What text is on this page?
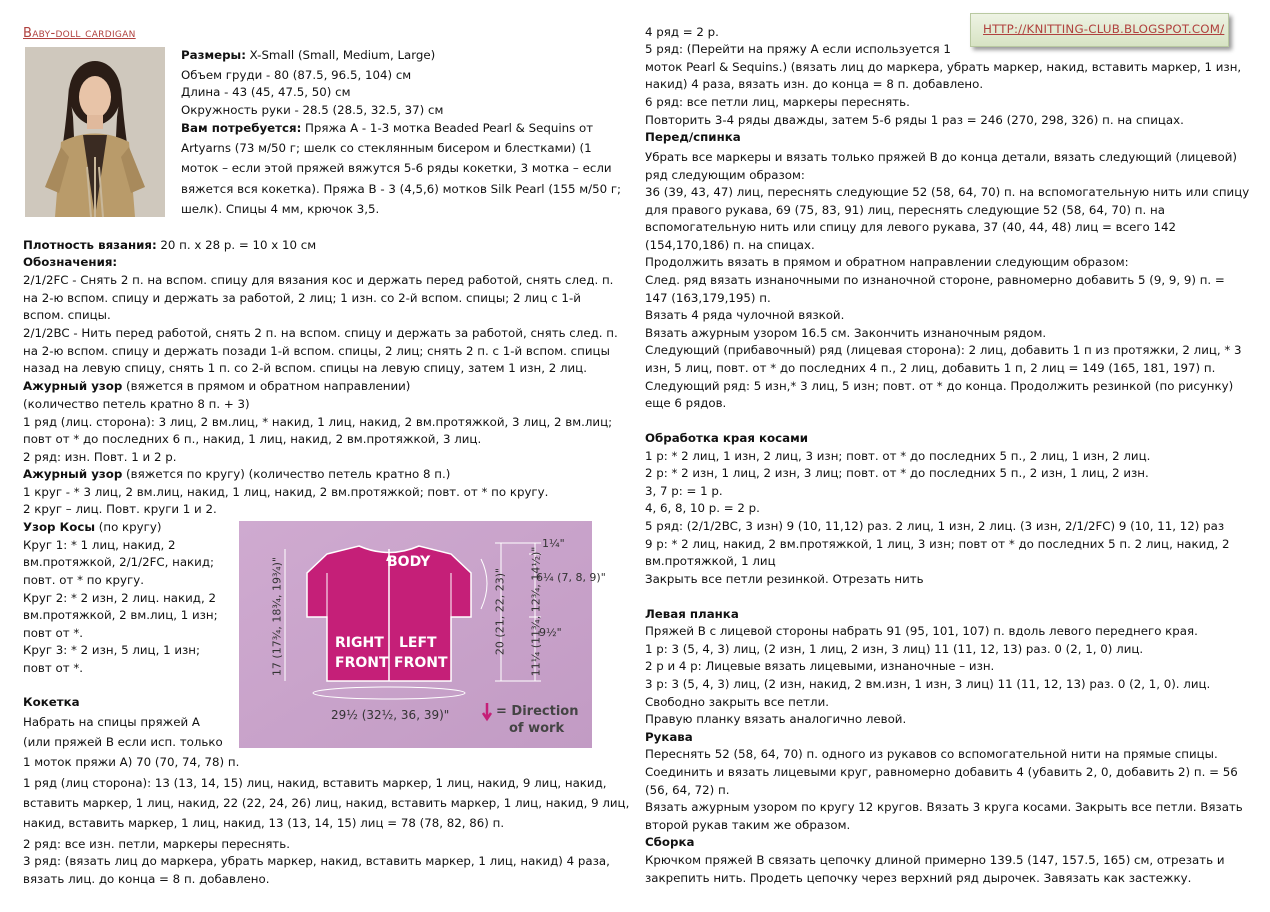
Baby-doll cardigan	HTTP://KNITTING-CLUB.BLOGSPOT.COM/
Размеры: X-Small (Small, Medium, Large)
Объем груди - 80 (87.5, 96.5, 104) см
Длина - 43 (45, 47.5, 50) см
Окружность руки - 28.5 (28.5, 32.5, 37) см
Вам потребуется: Пряжа А - 1-3 мотка Beaded Pearl & Sequins от
Artyarns (73 м/50 г; шелк со стеклянным бисером и блестками) (1
моток – если этой пряжей вяжутся 5-6 ряды кокетки, 3 мотка – если
вяжется вся кокетка). Пряжа В - 3 (4,5,6) мотков Silk Pearl (155 м/50 г;
шелк). Спицы 4 мм, крючок 3,5.
Плотность вязания: 20 п. х 28 р. = 10 х 10 см
Обозначения:
2/1/2FC - Снять 2 п. на вспом. спицу для вязания кос и держать перед работой, снять след. п.
на 2-ю вспом. спицу и держать за работой, 2 лиц; 1 изн. со 2-й вспом. спицы; 2 лиц с 1-й
вспом. спицы.
2/1/2BC - Нить перед работой, снять 2 п. на вспом. спицу и держать за работой, снять след. п.
на 2-ю вспом. спицу и держать позади 1-й вспом. спицы, 2 лиц; снять 2 п. с 1-й вспом. спицы
назад на левую спицу, снять 1 п. со 2-й вспом. спицы на левую спицу, затем 1 изн, 2 лиц.
Ажурный узор (вяжется в прямом и обратном направлении)
(количество петель кратно 8 п. + 3)
1 ряд (лиц. сторона): 3 лиц, 2 вм.лиц, * накид, 1 лиц, накид, 2 вм.протяжкой, 3 лиц, 2 вм.лиц;
повт от * до последних 6 п., накид, 1 лиц, накид, 2 вм.протяжкой, 3 лиц.
2 ряд: изн. Повт. 1 и 2 р.
Ажурный узор (вяжется по кругу) (количество петель кратно 8 п.)
1 круг - * 3 лиц, 2 вм.лиц, накид, 1 лиц, накид, 2 вм.протяжкой; повт. от * по кругу.
2 круг – лиц. Повт. круги 1 и 2.
Узор Косы (по кругу)
Круг 1: * 1 лиц, накид, 2
вм.протяжкой, 2/1/2FC, накид;
повт. от * по кругу.
Круг 2: * 2 изн, 2 лиц. накид, 2
вм.протяжкой, 2 вм.лиц, 1 изн;
повт от *.
Круг 3: * 2 изн, 5 лиц, 1 изн;
повт от *.
BODY
RIGHT
FRONT
LEFT
FRONT
17 (17¾, 18¾, 19¾)"
29½ (32½, 36, 39)"
1¼"
6¼ (7, 8, 9)"
9½"
20 (21, 22, 23)" 11¼ (11¾, 12¾, 14½)"
= Direction
of work
Кокетка
Набрать на спицы пряжей А
(или пряжей В если исп. только
1 моток пряжи А) 70 (70, 74, 78) п.
1 ряд (лиц сторона): 13 (13, 14, 15) лиц, накид, вставить маркер, 1 лиц, накид, 9 лиц, накид,
вставить маркер, 1 лиц, накид, 22 (22, 24, 26) лиц, накид, вставить маркер, 1 лиц, накид, 9 лиц,
накид, вставить маркер, 1 лиц, накид, 13 (13, 14, 15) лиц = 78 (78, 82, 86) п.
2 ряд: все изн. петли, маркеры переснять.
3 ряд: (вязать лиц до маркера, убрать маркер, накид, вставить маркер, 1 лиц, накид) 4 раза,
вязать лиц. до конца = 8 п. добавлено.
4 ряд = 2 р.
5 ряд: (Перейти на пряжу А если используется 1
моток Pearl & Sequins.) (вязать лиц до маркера, убрать маркер, накид, вставить маркер, 1 изн,
накид) 4 раза, вязать изн. до конца = 8 п. добавлено.
6 ряд: все петли лиц, маркеры переснять.
Повторить 3-4 ряды дважды, затем 5-6 ряды 1 раз = 246 (270, 298, 326) п. на спицах.
Перед/спинка
Убрать все маркеры и вязать только пряжей В до конца детали, вязать следующий (лицевой)
ряд следующим образом:
36 (39, 43, 47) лиц, переснять следующие 52 (58, 64, 70) п. на вспомогательную нить или спицу
для правого рукава, 69 (75, 83, 91) лиц, переснять следующие 52 (58, 64, 70) п. на
вспомогательную нить или спицу для левого рукава, 37 (40, 44, 48) лиц = всего 142
(154,170,186) п. на спицах.
Продолжить вязать в прямом и обратном направлении следующим образом:
След. ряд вязать изнаночными по изнаночной стороне, равномерно добавить 5 (9, 9, 9) п. =
147 (163,179,195) п.
Вязать 4 ряда чулочной вязкой.
Вязать ажурным узором 16.5 см. Закончить изнаночным рядом.
Следующий (прибавочный) ряд (лицевая сторона): 2 лиц, добавить 1 п из протяжки, 2 лиц, * 3
изн, 5 лиц, повт. от * до последних 4 п., 2 лиц, добавить 1 п, 2 лиц = 149 (165, 181, 197) п.
Следующий ряд: 5 изн,* 3 лиц, 5 изн; повт. от * до конца. Продолжить резинкой (по рисунку)
еще 6 рядов.
Обработка края косами
1 р: * 2 лиц, 1 изн, 2 лиц, 3 изн; повт. от * до последних 5 п., 2 лиц, 1 изн, 2 лиц.
2 р: * 2 изн, 1 лиц, 2 изн, 3 лиц; повт. от * до последних 5 п., 2 изн, 1 лиц, 2 изн.
3, 7 р: = 1 р.
4, 6, 8, 10 р. = 2 р.
5 ряд: (2/1/2BC, 3 изн) 9 (10, 11,12) раз. 2 лиц, 1 изн, 2 лиц. (3 изн, 2/1/2FC) 9 (10, 11, 12) раз
9 р: * 2 лиц, накид, 2 вм.протяжкой, 1 лиц, 3 изн; повт от * до последних 5 п. 2 лиц, накид, 2
вм.протяжкой, 1 лиц
Закрыть все петли резинкой. Отрезать нить
Левая планка
Пряжей В с лицевой стороны набрать 91 (95, 101, 107) п. вдоль левого переднего края.
1 р: 3 (5, 4, 3) лиц, (2 изн, 1 лиц, 2 изн, 3 лиц) 11 (11, 12, 13) раз. 0 (2, 1, 0) лиц.
2 р и 4 р: Лицевые вязать лицевыми, изнаночные – изн.
3 р: 3 (5, 4, 3) лиц, (2 изн, накид, 2 вм.изн, 1 изн, 3 лиц) 11 (11, 12, 13) раз. 0 (2, 1, 0). лиц.
Свободно закрыть все петли.
Правую планку вязать аналогично левой.
Рукава
Переснять 52 (58, 64, 70) п. одного из рукавов со вспомогательной нити на прямые спицы.
Соединить и вязать лицевыми круг, равномерно добавить 4 (убавить 2, 0, добавить 2) п. = 56
(56, 64, 72) п.
Вязать ажурным узором по кругу 12 кругов. Вязать 3 круга косами. Закрыть все петли. Вязать
второй рукав таким же образом.
Сборка
Крючком пряжей В связать цепочку длиной примерно 139.5 (147, 157.5, 165) см, отрезать и
закрепить нить. Продеть цепочку через верхний ряд дырочек. Завязать как застежку.
